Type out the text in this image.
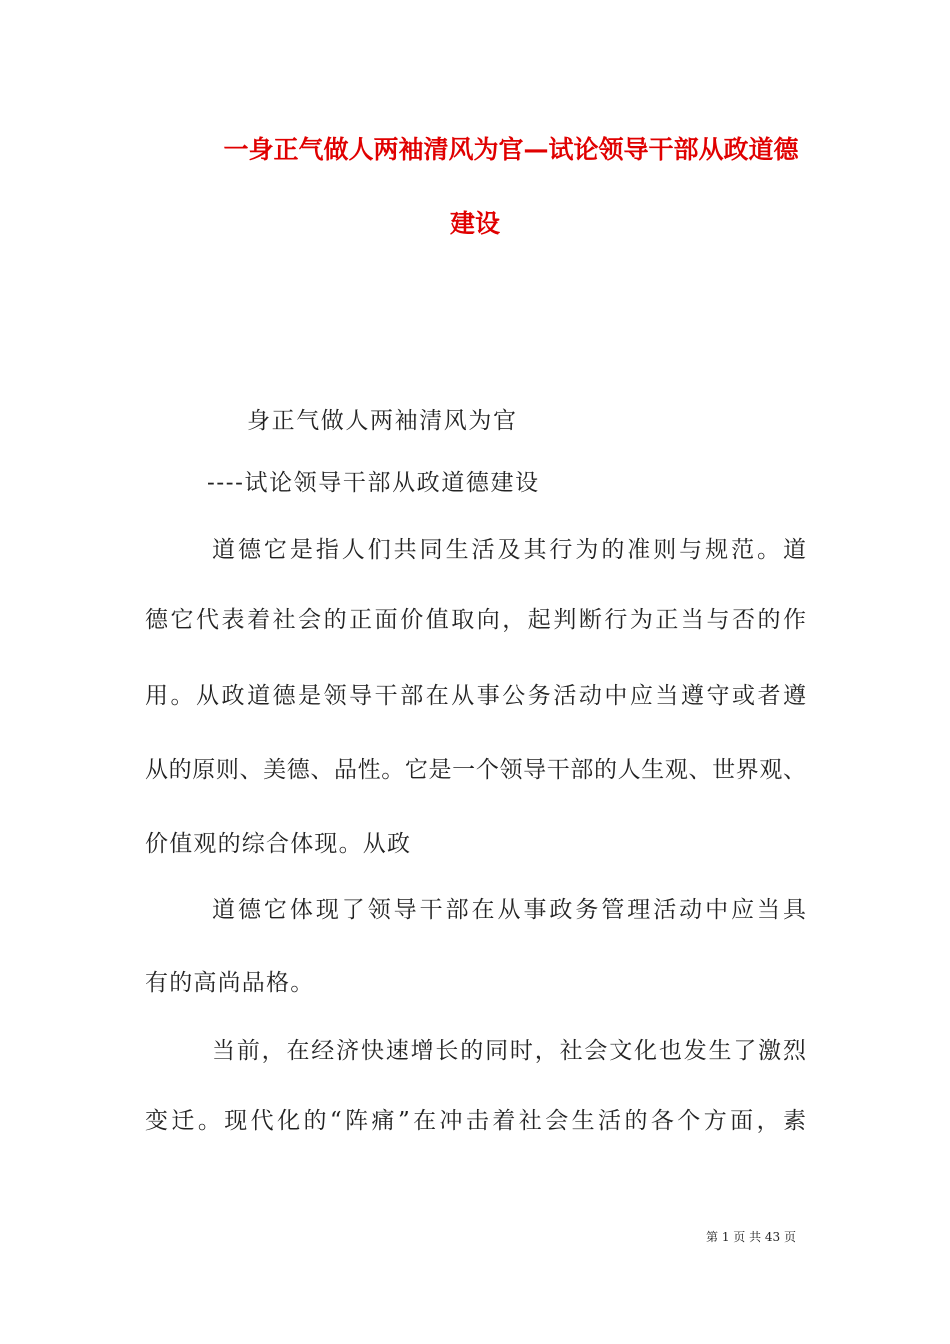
一身正气做人两袖清风为官—试论领导干部从政道德
建设
身正气做人两袖清风为官
----试论领导干部从政道德建设
道德它是指人们共同生活及其行为的准则与规范。道
德它代表着社会的正面价值取向，起判断行为正当与否的作
用。从政道德是领导干部在从事公务活动中应当遵守或者遵
从的原则、美德、品性。它是一个领导干部的人生观、世界观、
价值观的综合体现。从政
道德它体现了领导干部在从事政务管理活动中应当具
有的高尚品格。
当前，在经济快速增长的同时，社会文化也发生了激烈
变迁。现代化的“阵痛”在冲击着社会生活的各个方面，素
第 1 页 共 43 页
